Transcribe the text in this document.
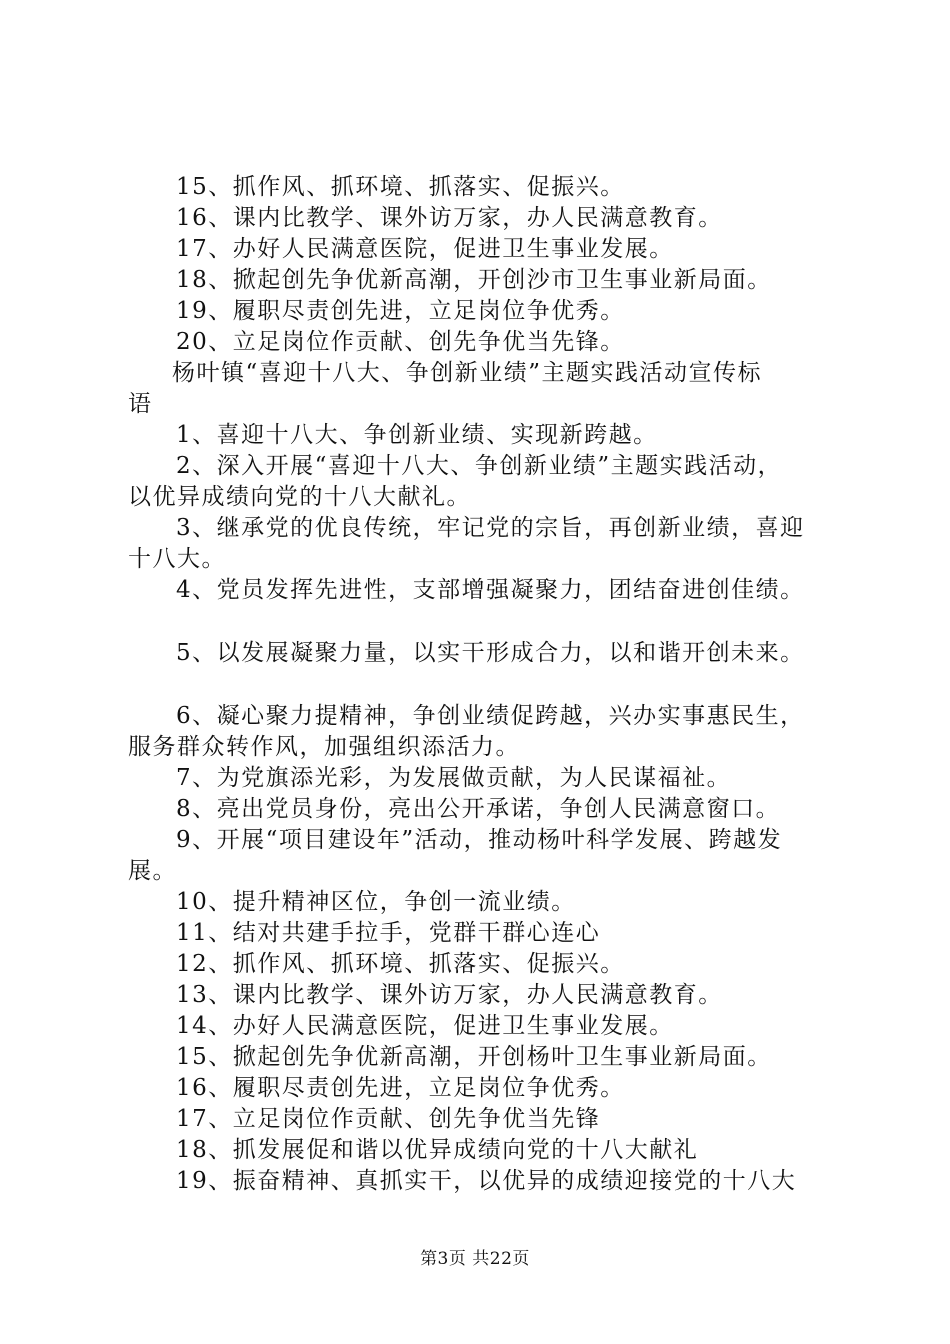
15、抓作风、抓环境、抓落实、促振兴。

16、课内比教学、课外访万家，办人民满意教育。

17、办好人民满意医院，促进卫生事业发展。

18、掀起创先争优新高潮，开创沙市卫生事业新局面。

19、履职尽责创先进，立足岗位争优秀。

20、立足岗位作贡献、创先争优当先锋。

杨叶镇“喜迎十八大、争创新业绩”主题实践活动宣传标

语

1、喜迎十八大、争创新业绩、实现新跨越。

2、深入开展“喜迎十八大、争创新业绩”主题实践活动，

以优异成绩向党的十八大献礼。

3、继承党的优良传统，牢记党的宗旨，再创新业绩，喜迎

十八大。

4、党员发挥先进性，支部增强凝聚力，团结奋进创佳绩。

5、以发展凝聚力量，以实干形成合力，以和谐开创未来。

6、凝心聚力提精神，争创业绩促跨越，兴办实事惠民生，

服务群众转作风，加强组织添活力。

7、为党旗添光彩，为发展做贡献，为人民谋福祉。

8、亮出党员身份，亮出公开承诺，争创人民满意窗口。

9、开展“项目建设年”活动，推动杨叶科学发展、跨越发

展。

10、提升精神区位，争创一流业绩。

11、结对共建手拉手，党群干群心连心

12、抓作风、抓环境、抓落实、促振兴。

13、课内比教学、课外访万家，办人民满意教育。

14、办好人民满意医院，促进卫生事业发展。

15、掀起创先争优新高潮，开创杨叶卫生事业新局面。

16、履职尽责创先进，立足岗位争优秀。

17、立足岗位作贡献、创先争优当先锋

18、抓发展促和谐以优异成绩向党的十八大献礼

19、振奋精神、真抓实干，以优异的成绩迎接党的十八大

第3页 共22页
